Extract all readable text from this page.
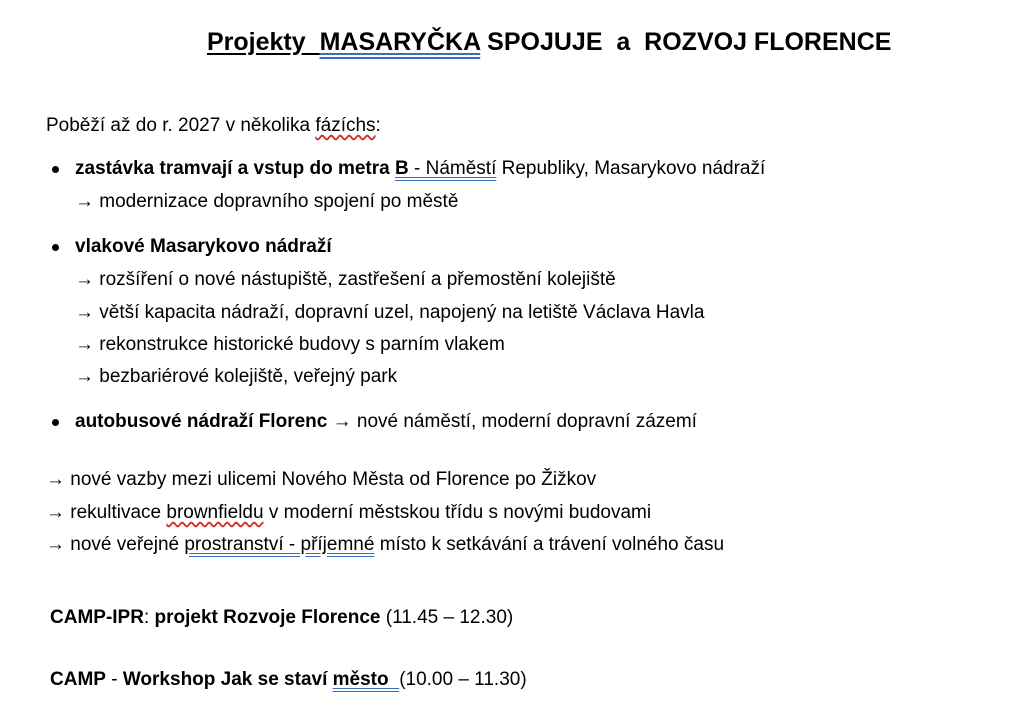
Projekty  MASARYČKA SPOJUJE  a  ROZVOJ FLORENCE
Poběží až do r. 2027 v několika fázíchs:
zastávka tramvají a vstup do metra B - Náměstí Republiky, Masarykovo nádraží
→ modernizace dopravního spojení po městě
vlakové Masarykovo nádraží
→ rozšíření o nové nástupiště, zastřešení a přemostění kolejiště
→ větší kapacita nádraží, dopravní uzel, napojený na letiště Václava Havla
→ rekonstrukce historické budovy s parním vlakem
→ bezbariérové kolejiště, veřejný park
autobusové nádraží Florenc → nové náměstí, moderní dopravní zázemí
→ nové vazby mezi ulicemi Nového Města od Florence po Žižkov
→ rekultivace brownfieldu v moderní městskou třídu s novými budovami
→ nové veřejné prostranství - příjemné místo k setkávání a trávení volného času
CAMP-IPR: projekt Rozvoje Florence (11.45 – 12.30)
CAMP - Workshop Jak se staví město (10.00 – 11.30)
